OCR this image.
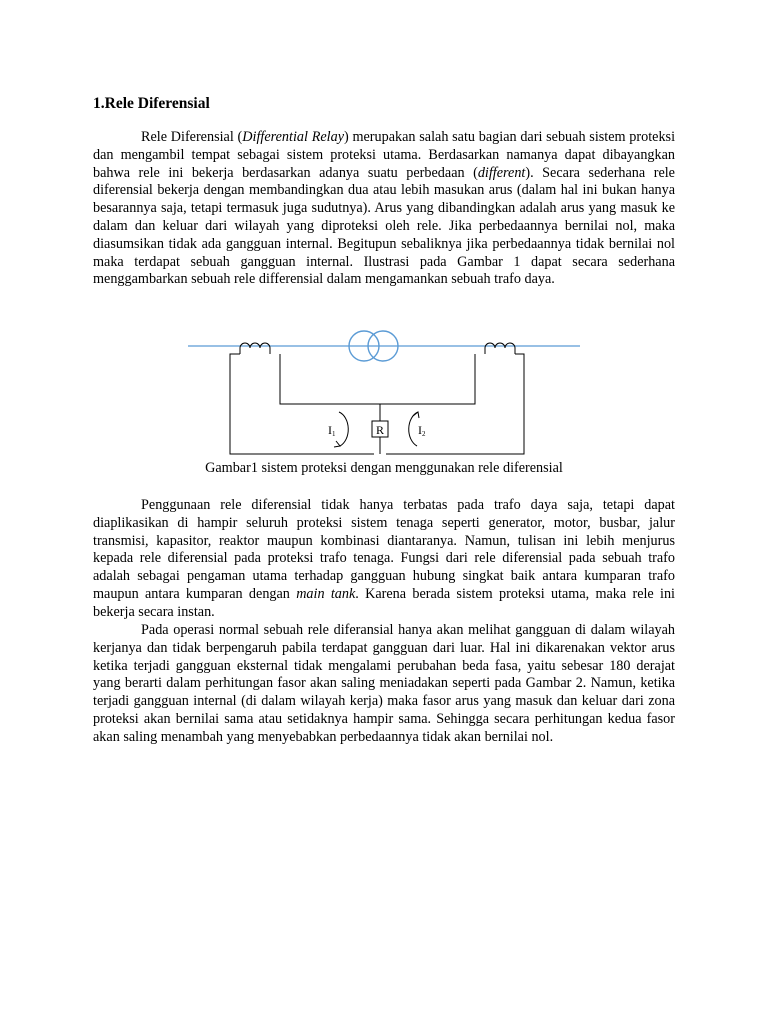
1.Rele Diferensial

Rele Diferensial (Differential Relay) merupakan salah satu bagian dari sebuah sistem proteksi dan mengambil tempat sebagai sistem proteksi utama. Berdasarkan namanya dapat dibayangkan bahwa rele ini bekerja berdasarkan adanya suatu perbedaan (different). Secara sederhana rele diferensial bekerja dengan membandingkan dua atau lebih masukan arus (dalam hal ini bukan hanya besarannya saja, tetapi termasuk juga sudutnya). Arus yang dibandingkan adalah arus yang masuk ke dalam dan keluar dari wilayah yang diproteksi oleh rele. Jika perbedaannya bernilai nol, maka diasumsikan tidak ada gangguan internal. Begitupun sebaliknya jika perbedaannya tidak bernilai nol maka terdapat sebuah gangguan internal. Ilustrasi pada Gambar 1 dapat secara sederhana menggambarkan sebuah rele differensial dalam mengamankan sebuah trafo daya.

R
I1	I2

Gambar1 sistem proteksi dengan menggunakan rele diferensial

Penggunaan rele diferensial tidak hanya terbatas pada trafo daya saja, tetapi dapat diaplikasikan di hampir seluruh proteksi sistem tenaga seperti generator, motor, busbar, jalur transmisi, kapasitor, reaktor maupun kombinasi diantaranya. Namun, tulisan ini lebih menjurus kepada rele diferensial pada proteksi trafo tenaga. Fungsi dari rele diferensial pada sebuah trafo adalah sebagai pengaman utama terhadap gangguan hubung singkat baik antara kumparan trafo maupun antara kumparan dengan main tank. Karena berada sistem proteksi utama, maka rele ini bekerja secara instan.

Pada operasi normal sebuah rele diferansial hanya akan melihat gangguan di dalam wilayah kerjanya dan tidak berpengaruh pabila terdapat gangguan dari luar. Hal ini dikarenakan vektor arus ketika terjadi gangguan eksternal tidak mengalami perubahan beda fasa, yaitu sebesar 180 derajat yang berarti dalam perhitungan fasor akan saling meniadakan seperti pada Gambar 2. Namun, ketika terjadi gangguan internal (di dalam wilayah kerja) maka fasor arus yang masuk dan keluar dari zona proteksi akan bernilai sama atau setidaknya hampir sama. Sehingga secara perhitungan kedua fasor akan saling menambah yang menyebabkan perbedaannya tidak akan bernilai nol.
